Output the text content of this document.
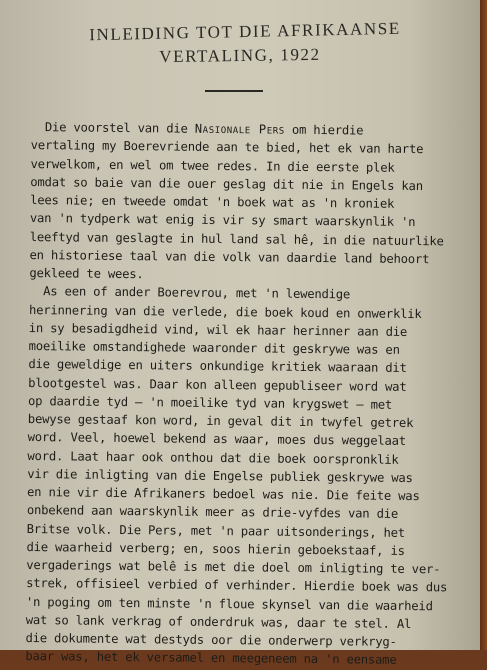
INLEIDING TOT DIE AFRIKAANSE
VERTALING, 1922
Die voorstel van die Nasionale Pers om hierdie
vertaling my Boerevriende aan te bied, het ek van harte
verwelkom, en wel om twee redes. In die eerste plek
omdat so baie van die ouer geslag dit nie in Engels kan
lees nie; en tweede omdat 'n boek wat as 'n kroniek
van 'n tydperk wat enig is vir sy smart waarskynlik 'n
leeftyd van geslagte in hul land sal hê, in die natuurlike
en historiese taal van die volk van daardie land behoort
gekleed te wees.
As een of ander Boerevrou, met 'n lewendige
herinnering van die verlede, die boek koud en onwerklik
in sy besadigdheid vind, wil ek haar herinner aan die
moeilike omstandighede waaronder dit geskrywe was en
die geweldige en uiters onkundige kritiek waaraan dit
blootgestel was. Daar kon alleen gepubliseer word wat
op daardie tyd — 'n moeilike tyd van krygswet — met
bewyse gestaaf kon word, in geval dit in twyfel getrek
word. Veel, hoewel bekend as waar, moes dus weggelaat
word. Laat haar ook onthou dat die boek oorspronklik
vir die inligting van die Engelse publiek geskrywe was
en nie vir die Afrikaners bedoel was nie. Die feite was
onbekend aan waarskynlik meer as drie-vyfdes van die
Britse volk. Die Pers, met 'n paar uitsonderings, het
die waarheid verberg; en, soos hierin geboekstaaf, is
vergaderings wat belê is met die doel om inligting te ver-
strek, offisieel verbied of verhinder. Hierdie boek was dus
'n poging om ten minste 'n floue skynsel van die waarheid
wat so lank verkrag of onderdruk was, daar te stel. Al
die dokumente wat destyds oor die onderwerp verkryg-
baar was, het ek versamel en meegeneem na 'n eensame
